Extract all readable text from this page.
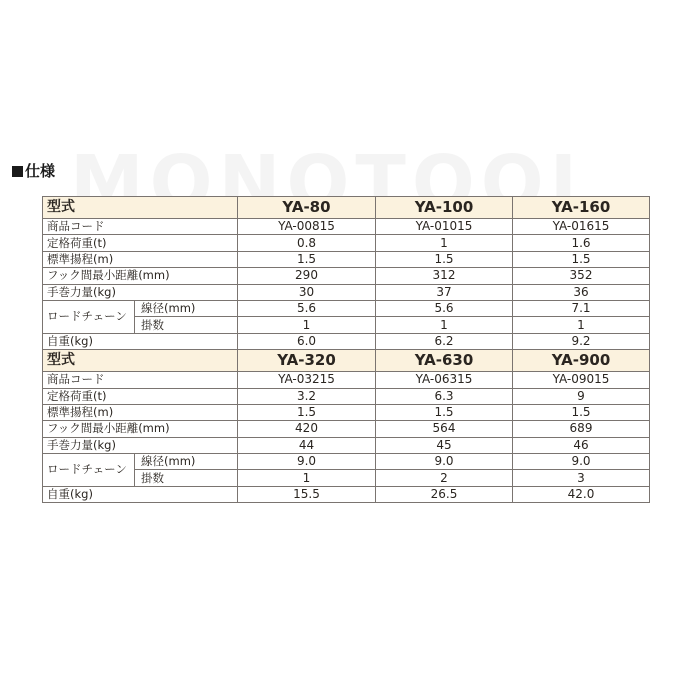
仕様
型式		YA-80	YA-100	YA-160
商品コード		YA-00815	YA-01015	YA-01615
定格荷重(t)		0.8	1	1.6
標準揚程(m)		1.5	1.5	1.5
フック間最小距離(mm)		290	312	352
手巻力量(kg)		30	37	36
ロードチェーン	線径(mm)	5.6	5.6	7.1
	掛数	1	1	1
自重(kg)		6.0	6.2	9.2
型式		YA-320	YA-630	YA-900
商品コード		YA-03215	YA-06315	YA-09015
定格荷重(t)		3.2	6.3	9
標準揚程(m)		1.5	1.5	1.5
フック間最小距離(mm)		420	564	689
手巻力量(kg)		44	45	46
ロードチェーン	線径(mm)	9.0	9.0	9.0
	掛数	1	2	3
自重(kg)		15.5	26.5	42.0
